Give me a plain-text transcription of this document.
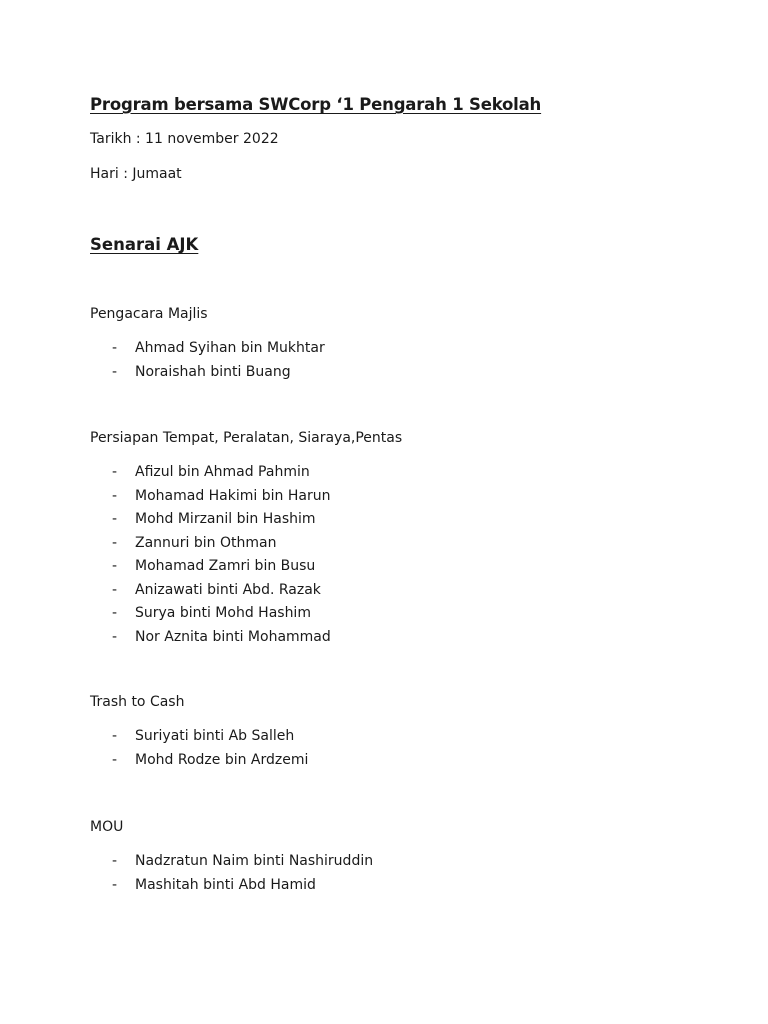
Program bersama SWCorp ‘1 Pengarah 1 Sekolah
Tarikh : 11 november 2022
Hari : Jumaat
Senarai AJK
Pengacara Majlis
- Ahmad Syihan bin Mukhtar
- Noraishah binti Buang
Persiapan Tempat, Peralatan, Siaraya,Pentas
- Afizul bin Ahmad Pahmin
- Mohamad Hakimi bin Harun
- Mohd Mirzanil bin Hashim
- Zannuri bin Othman
- Mohamad Zamri bin Busu
- Anizawati binti Abd. Razak
- Surya binti Mohd Hashim
- Nor Aznita binti Mohammad
Trash to Cash
- Suriyati binti Ab Salleh
- Mohd Rodze bin Ardzemi
MOU
- Nadzratun Naim binti Nashiruddin
- Mashitah binti Abd Hamid
